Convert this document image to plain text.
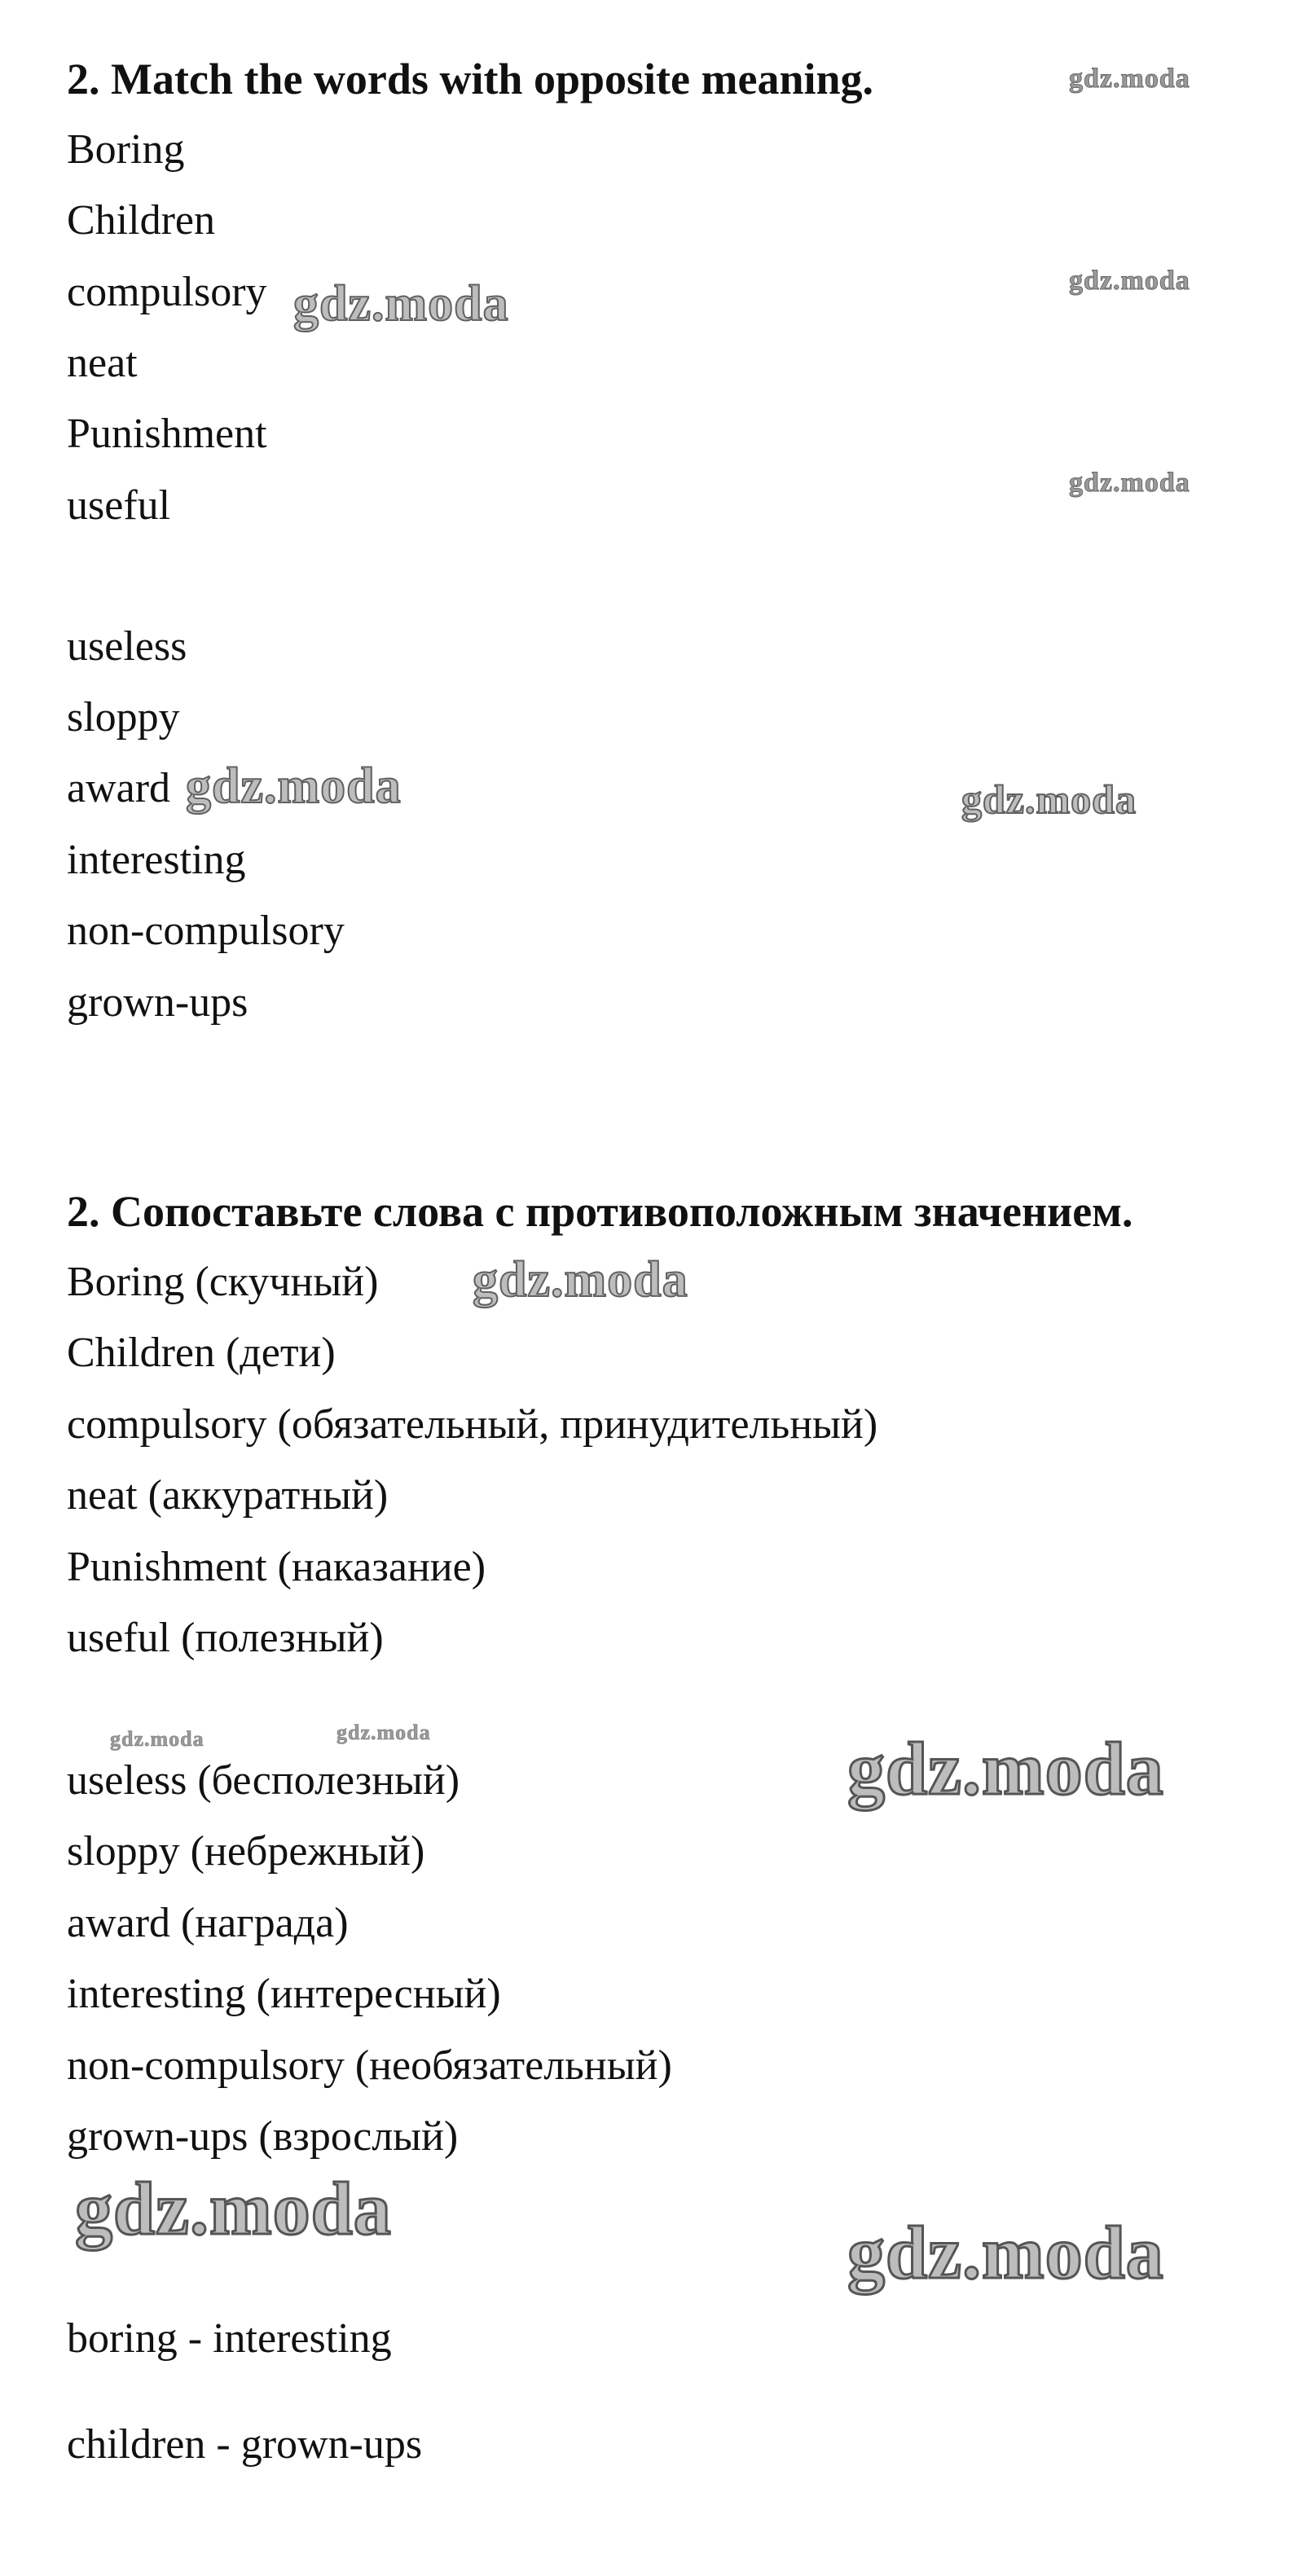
2. Match the words with opposite meaning.

Boring

Children

compulsory

neat

Punishment

useful

useless

sloppy

award

interesting

non-compulsory

grown-ups

2. Сопоставьте слова с противоположным значением.

Boring (скучный)

Children (дети)

compulsory (обязательный, принудительный)

neat (аккуратный)

Punishment (наказание)

useful (полезный)

useless (бесполезный)

sloppy (небрежный)

award (награда)

interesting (интересный)

non-compulsory (необязательный)

grown-ups (взрослый)

boring - interesting

children - grown-ups

gdz.moda
gdz.moda
gdz.moda
gdz.moda
gdz.moda	gdz.moda
gdz.moda
gdz.moda	gdz.moda	gdz.moda
gdz.moda
gdz.moda
